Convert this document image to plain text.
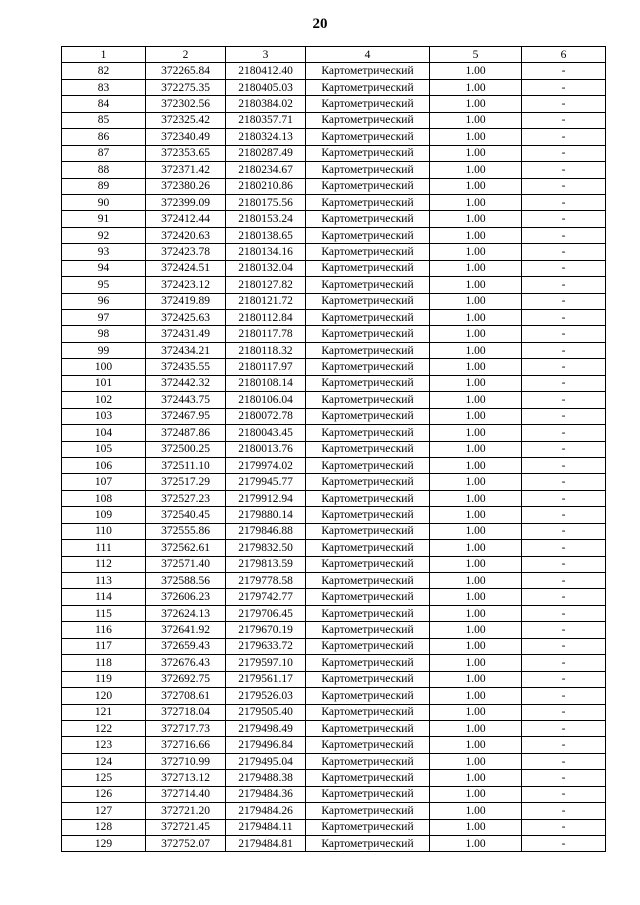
20
1	2	3	4	5	6
82	372265.84	2180412.40	Картометрический	1.00	-
83	372275.35	2180405.03	Картометрический	1.00	-
84	372302.56	2180384.02	Картометрический	1.00	-
85	372325.42	2180357.71	Картометрический	1.00	-
86	372340.49	2180324.13	Картометрический	1.00	-
87	372353.65	2180287.49	Картометрический	1.00	-
88	372371.42	2180234.67	Картометрический	1.00	-
89	372380.26	2180210.86	Картометрический	1.00	-
90	372399.09	2180175.56	Картометрический	1.00	-
91	372412.44	2180153.24	Картометрический	1.00	-
92	372420.63	2180138.65	Картометрический	1.00	-
93	372423.78	2180134.16	Картометрический	1.00	-
94	372424.51	2180132.04	Картометрический	1.00	-
95	372423.12	2180127.82	Картометрический	1.00	-
96	372419.89	2180121.72	Картометрический	1.00	-
97	372425.63	2180112.84	Картометрический	1.00	-
98	372431.49	2180117.78	Картометрический	1.00	-
99	372434.21	2180118.32	Картометрический	1.00	-
100	372435.55	2180117.97	Картометрический	1.00	-
101	372442.32	2180108.14	Картометрический	1.00	-
102	372443.75	2180106.04	Картометрический	1.00	-
103	372467.95	2180072.78	Картометрический	1.00	-
104	372487.86	2180043.45	Картометрический	1.00	-
105	372500.25	2180013.76	Картометрический	1.00	-
106	372511.10	2179974.02	Картометрический	1.00	-
107	372517.29	2179945.77	Картометрический	1.00	-
108	372527.23	2179912.94	Картометрический	1.00	-
109	372540.45	2179880.14	Картометрический	1.00	-
110	372555.86	2179846.88	Картометрический	1.00	-
111	372562.61	2179832.50	Картометрический	1.00	-
112	372571.40	2179813.59	Картометрический	1.00	-
113	372588.56	2179778.58	Картометрический	1.00	-
114	372606.23	2179742.77	Картометрический	1.00	-
115	372624.13	2179706.45	Картометрический	1.00	-
116	372641.92	2179670.19	Картометрический	1.00	-
117	372659.43	2179633.72	Картометрический	1.00	-
118	372676.43	2179597.10	Картометрический	1.00	-
119	372692.75	2179561.17	Картометрический	1.00	-
120	372708.61	2179526.03	Картометрический	1.00	-
121	372718.04	2179505.40	Картометрический	1.00	-
122	372717.73	2179498.49	Картометрический	1.00	-
123	372716.66	2179496.84	Картометрический	1.00	-
124	372710.99	2179495.04	Картометрический	1.00	-
125	372713.12	2179488.38	Картометрический	1.00	-
126	372714.40	2179484.36	Картометрический	1.00	-
127	372721.20	2179484.26	Картометрический	1.00	-
128	372721.45	2179484.11	Картометрический	1.00	-
129	372752.07	2179484.81	Картометрический	1.00	-
